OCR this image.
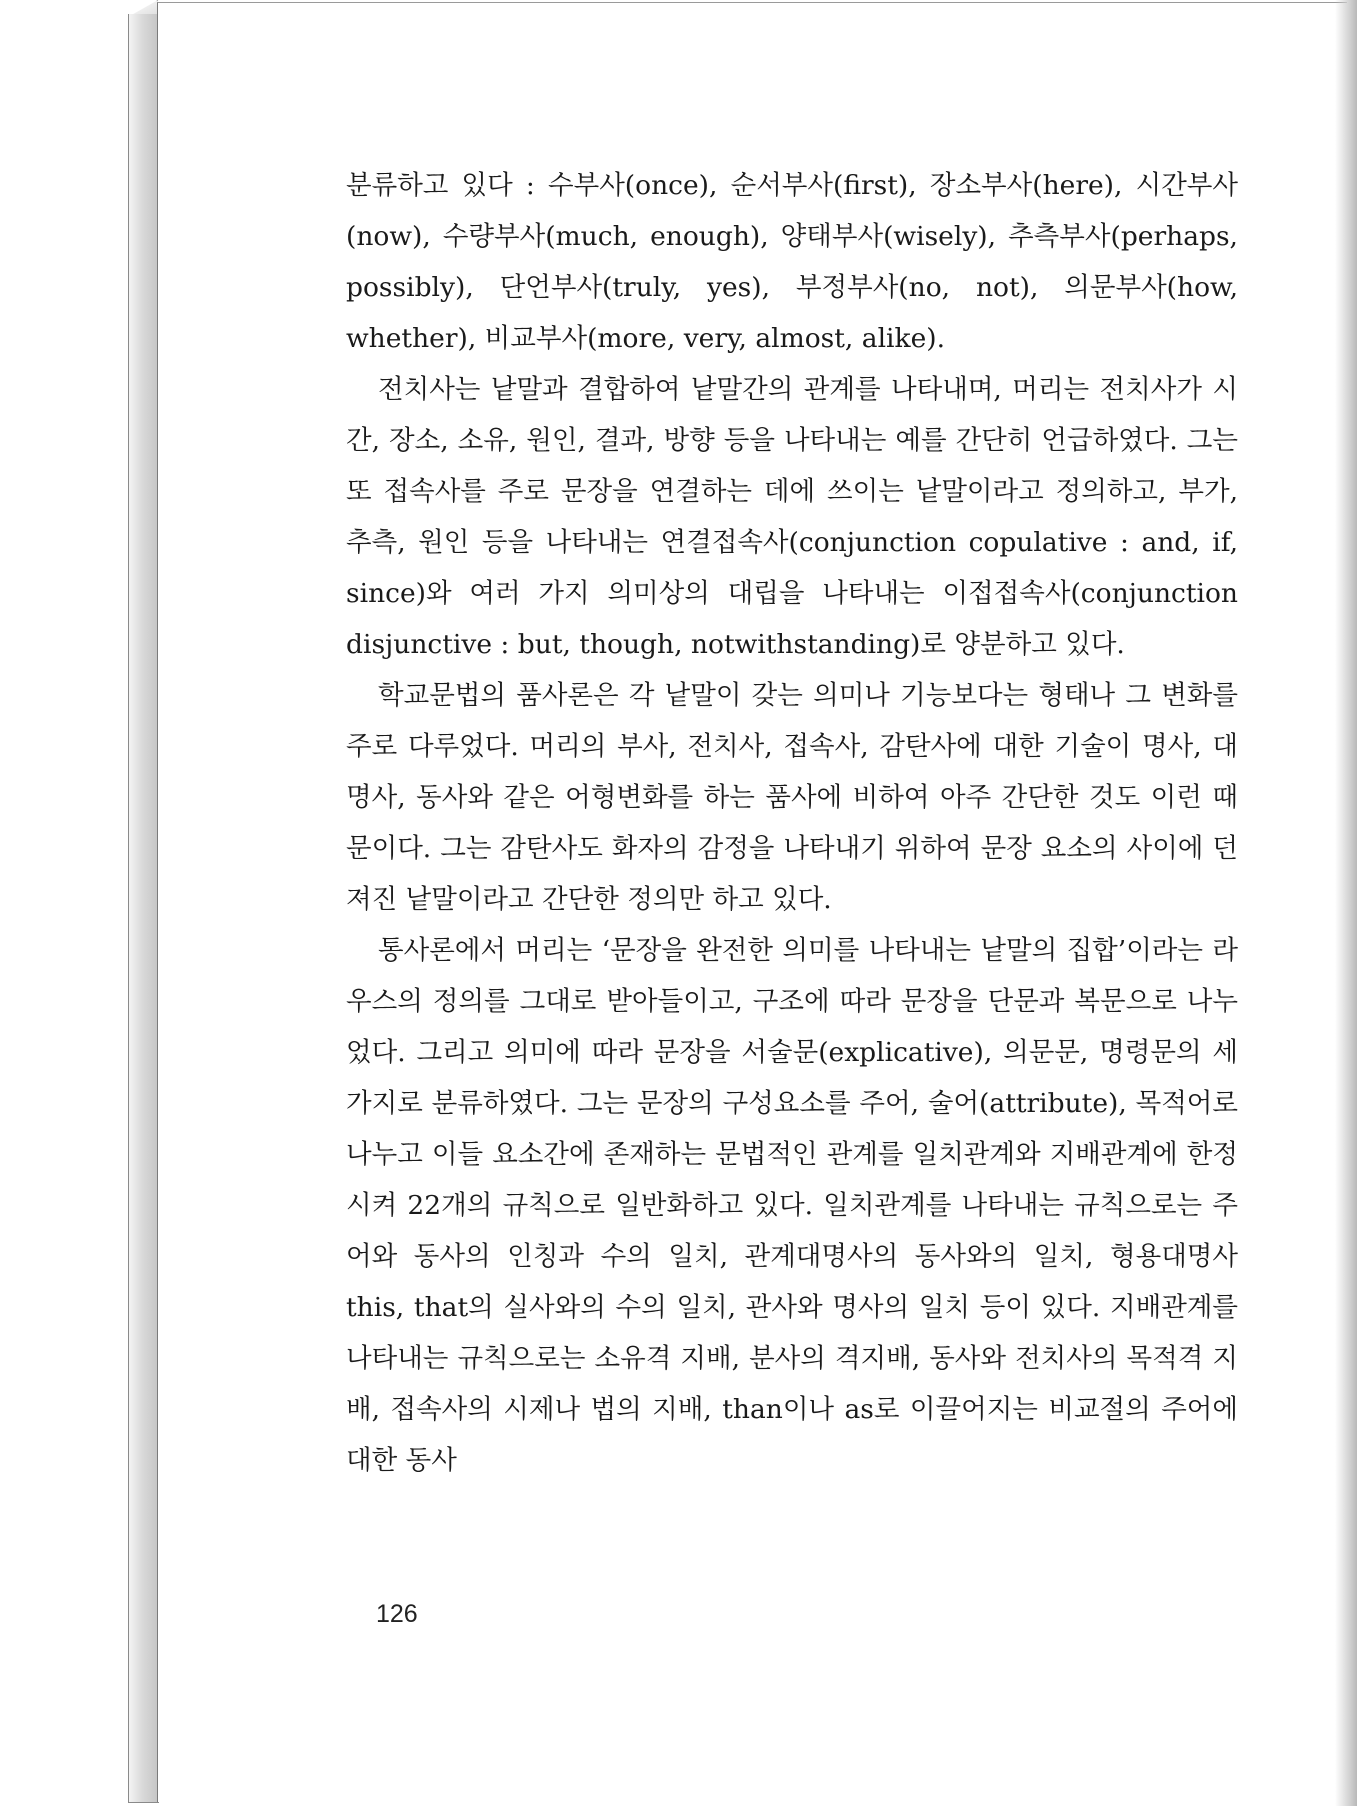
분류하고 있다 : 수부사(once), 순서부사(first), 장소부사(here), 시간부사(now), 수량부사(much, enough), 양태부사(wisely), 추측부사(perhaps, possibly), 단언부사(truly, yes), 부정부사(no, not), 의문부사(how, whether), 비교부사(more, very, almost, alike).

전치사는 낱말과 결합하여 낱말간의 관계를 나타내며, 머리는 전치사가 시간, 장소, 소유, 원인, 결과, 방향 등을 나타내는 예를 간단히 언급하였다. 그는 또 접속사를 주로 문장을 연결하는 데에 쓰이는 낱말이라고 정의하고, 부가, 추측, 원인 등을 나타내는 연결접속사(conjunction copulative : and, if, since)와 여러 가지 의미상의 대립을 나타내는 이접접속사(conjunction disjunctive : but, though, notwithstanding)로 양분하고 있다.

학교문법의 품사론은 각 낱말이 갖는 의미나 기능보다는 형태나 그 변화를 주로 다루었다. 머리의 부사, 전치사, 접속사, 감탄사에 대한 기술이 명사, 대명사, 동사와 같은 어형변화를 하는 품사에 비하여 아주 간단한 것도 이런 때문이다. 그는 감탄사도 화자의 감정을 나타내기 위하여 문장 요소의 사이에 던져진 낱말이라고 간단한 정의만 하고 있다.

통사론에서 머리는 ‘문장을 완전한 의미를 나타내는 낱말의 집합’이라는 라우스의 정의를 그대로 받아들이고, 구조에 따라 문장을 단문과 복문으로 나누었다. 그리고 의미에 따라 문장을 서술문(explicative), 의문문, 명령문의 세 가지로 분류하였다. 그는 문장의 구성요소를 주어, 술어(attribute), 목적어로 나누고 이들 요소간에 존재하는 문법적인 관계를 일치관계와 지배관계에 한정시켜 22개의 규칙으로 일반화하고 있다. 일치관계를 나타내는 규칙으로는 주어와 동사의 인칭과 수의 일치, 관계대명사의 동사와의 일치, 형용대명사 this, that의 실사와의 수의 일치, 관사와 명사의 일치 등이 있다. 지배관계를 나타내는 규칙으로는 소유격 지배, 분사의 격지배, 동사와 전치사의 목적격 지배, 접속사의 시제나 법의 지배, than이나 as로 이끌어지는 비교절의 주어에 대한 동사

126
